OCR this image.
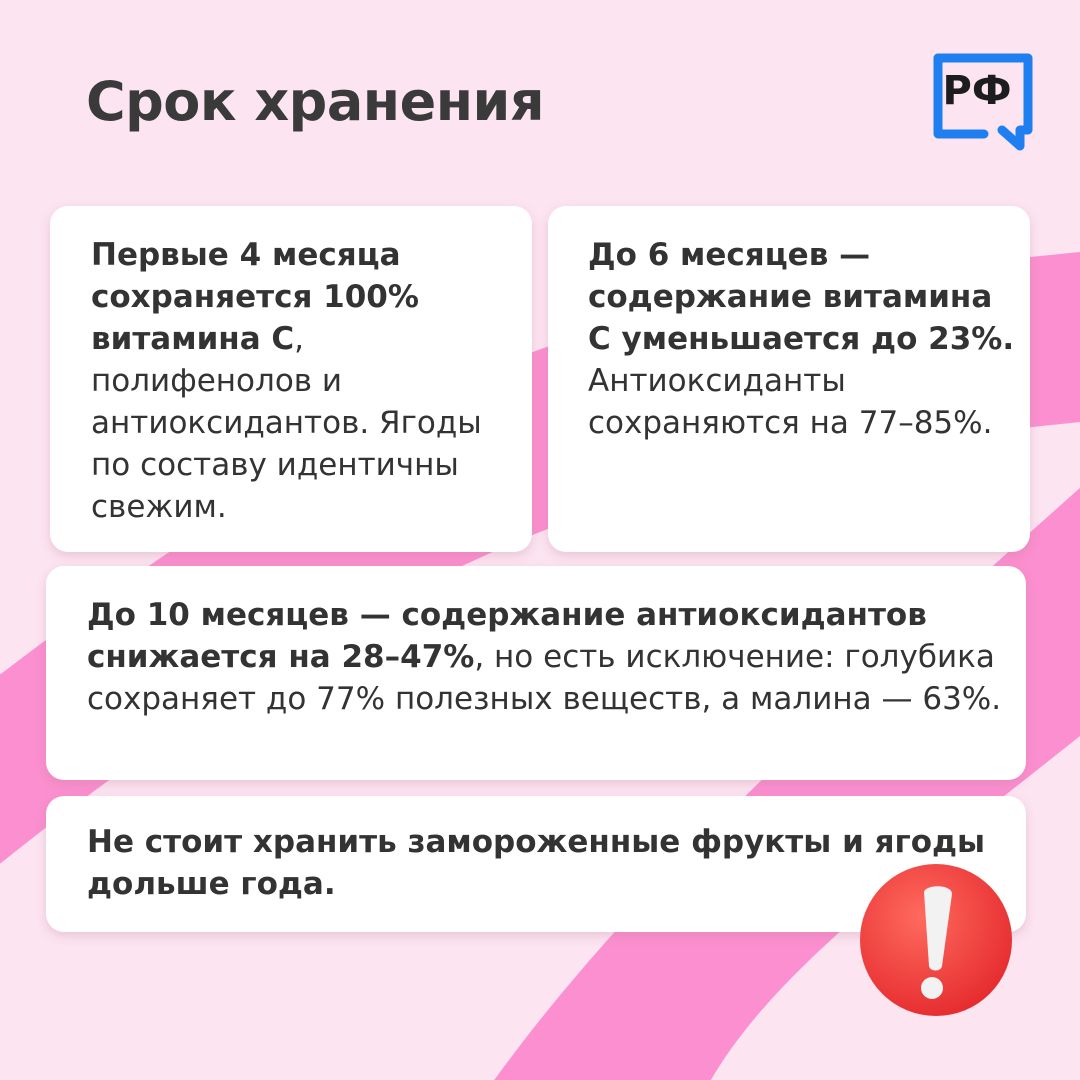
Срок хранения	РФ

Первые 4 месяца сохраняется 100% витамина С, полифенолов и антиоксидантов. Ягоды по составу идентичны свежим.

До 6 месяцев — содержание витамина С уменьшается до 23%. Антиоксиданты сохраняются на 77–85%.

До 10 месяцев — содержание антиоксидантов снижается на 28–47%, но есть исключение: голубика сохраняет до 77% полезных веществ, а малина — 63%.

Не стоит хранить замороженные фрукты и ягоды дольше года.
